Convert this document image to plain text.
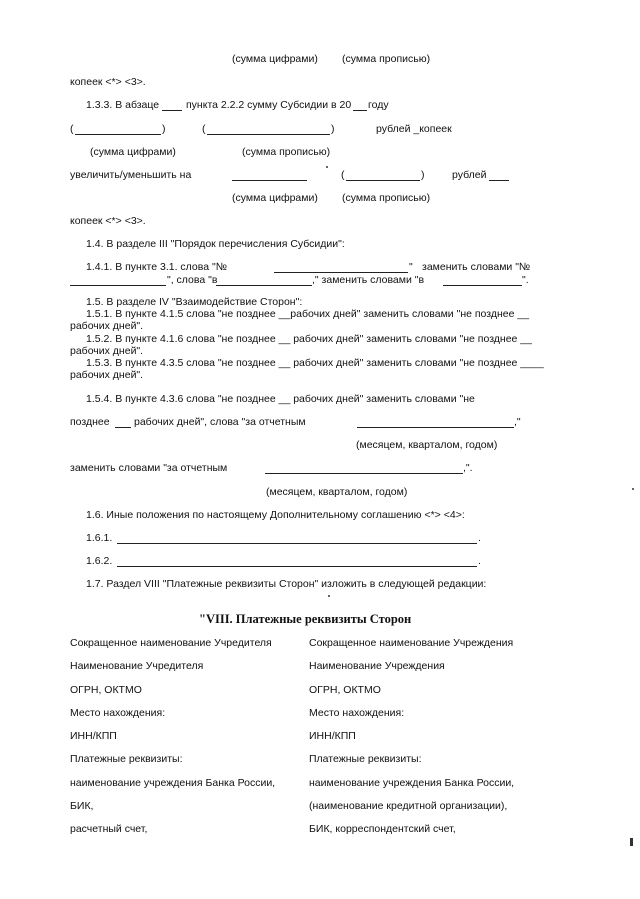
(сумма цифрами) (сумма прописью)
копеек <*> <3>.
1.3.3. В абзаце	пункта 2.2.2 сумму Субсидии в 20 году
(	)	(	)	рублей _копеек
(сумма цифрами)	(сумма прописью)
увеличить/уменьшить на	(	)	рублей
(сумма цифрами) (сумма прописью)
копеек <*> <3>.
1.4. В разделе III "Порядок перечисления Субсидии":
1.4.1. В пункте 3.1. слова "№	" заменить словами "№
", слова "в	," заменить словами "в	".
1.5. В разделе IV "Взаимодействие Сторон":
1.5.1. В пункте 4.1.5 слова "не позднее __рабочих дней" заменить словами "не позднее __
рабочих дней".
1.5.2. В пункте 4.1.6 слова "не позднее __ рабочих дней" заменить словами "не позднее __
рабочих дней".
1.5.3. В пункте 4.3.5 слова "не позднее __ рабочих дней" заменить словами "не позднее ____
рабочих дней".
1.5.4. В пункте 4.3.6 слова "не позднее __ рабочих дней" заменить словами "не
позднее рабочих дней", слова "за отчетным	,"
(месяцем, кварталом, годом)
заменить словами "за отчетным	,".
(месяцем, кварталом, годом)
1.6. Иные положения по настоящему Дополнительному соглашению <*> <4>:
1.6.1.	.
1.6.2.	.
1.7. Раздел VIII "Платежные реквизиты Сторон" изложить в следующей редакции:
"VIII. Платежные реквизиты Сторон
Сокращенное наименование Учредителя	Сокращенное наименование Учреждения
Наименование Учредителя	Наименование Учреждения
ОГРН, ОКТМО	ОГРН, ОКТМО
Место нахождения:	Место нахождения:
ИНН/КПП	ИНН/КПП
Платежные реквизиты:	Платежные реквизиты:
наименование учреждения Банка России,	наименование учреждения Банка России,
БИК,	(наименование кредитной организации),
расчетный счет,	БИК, корреспондентский счет,
